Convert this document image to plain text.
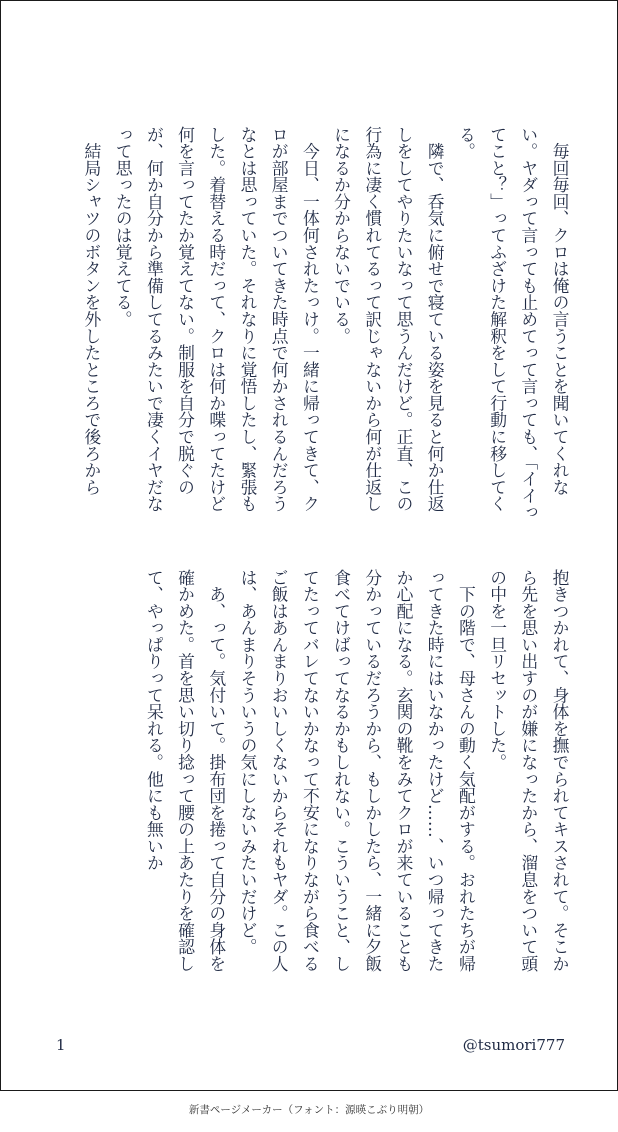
　毎回毎回、クロは俺の言うことを聞いてくれない。ヤダって言っても止めてって言っても、「イイってこと？」ってふざけた解釈をして行動に移してくる。

　隣で、呑気に俯せで寝ている姿を見ると何か仕返しをしてやりたいなって思うんだけど。正直、この行為に凄く慣れてるって訳じゃないから何が仕返しになるか分からないでいる。

　今日、一体何されたっけ。一緒に帰ってきて、クロが部屋までついてきた時点で何かされるんだろうなとは思っていた。それなりに覚悟したし、緊張もした。着替える時だって、クロは何か喋ってたけど何を言ってたか覚えてない。制服を自分で脱ぐのが、何か自分から準備してるみたいで凄くイヤだなって思ったのは覚えてる。

　結局シャツのボタンを外したところで後ろから

抱きつかれて、身体を撫でられてキスされて。そこから先を思い出すのが嫌になったから、溜息をついて頭の中を一旦リセットした。

　下の階で、母さんの動く気配がする。おれたちが帰ってきた時にはいなかったけど……、いつ帰ってきたか心配になる。玄関の靴をみてクロが来ていることも分かっているだろうから、もしかしたら、一緒に夕飯食べてけばってなるかもしれない。こういうこと、してたってバレてないかなって不安になりながら食べるご飯はあんまりおいしくないからそれもヤダ。この人は、あんまりそういうの気にしないみたいだけど。

　あ、って。気付いて。掛布団を捲って自分の身体を確かめた。首を思い切り捻って腰の上あたりを確認して、やっぱりって呆れる。他にも無いか

1	@tsumori777
新書ページメーカー（フォント：源暎こぶり明朝）
